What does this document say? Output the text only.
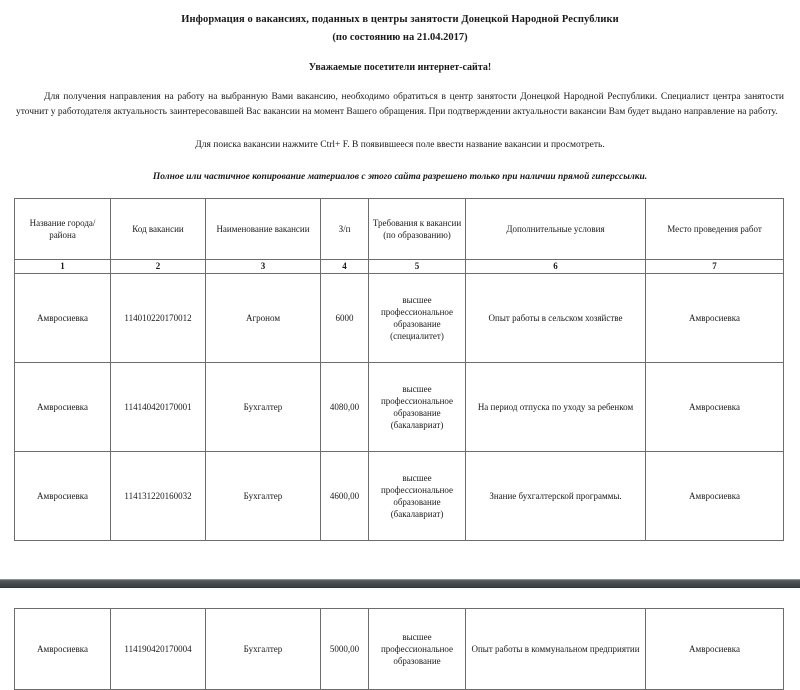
Информация о вакансиях, поданных в центры занятости Донецкой Народной Республики

(по состоянию на 21.04.2017)

Уважаемые посетители интернет-сайта!

Для получения направления на работу на выбранную Вами вакансию, необходимо обратиться в центр занятости Донецкой Народной Республики. Специалист центра занятости уточнит у работодателя актуальность заинтересовавшей Вас вакансии на момент Вашего обращения. При подтверждении актуальности вакансии Вам будет выдано направление на работу.

Для поиска вакансии нажмите Ctrl+ F. В появившееся поле ввести название вакансии и просмотреть.

Полное или частичное копирование материалов с этого сайта разрешено только при наличии прямой гиперссылки.

Название города/района	Код вакансии	Наименование вакансии	З/п	Требования к вакансии (по образованию)	Дополнительные условия	Место проведения работ
1	2	3	4	5	6	7
Амвросиевка	114010220170012	Агроном	6000	высшее профессиональное образование (специалитет)	Опыт работы в сельском хозяйстве	Амвросиевка
Амвросиевка	114140420170001	Бухгалтер	4080,00	высшее профессиональное образование (бакалавриат)	На период отпуска по уходу за ребенком	Амвросиевка
Амвросиевка	114131220160032	Бухгалтер	4600,00	высшее профессиональное образование (бакалавриат)	Знание бухгалтерской программы.	Амвросиевка
Амвросиевка	114190420170004	Бухгалтер	5000,00	высшее профессиональное образование	Опыт работы в коммунальном предприятии	Амвросиевка
